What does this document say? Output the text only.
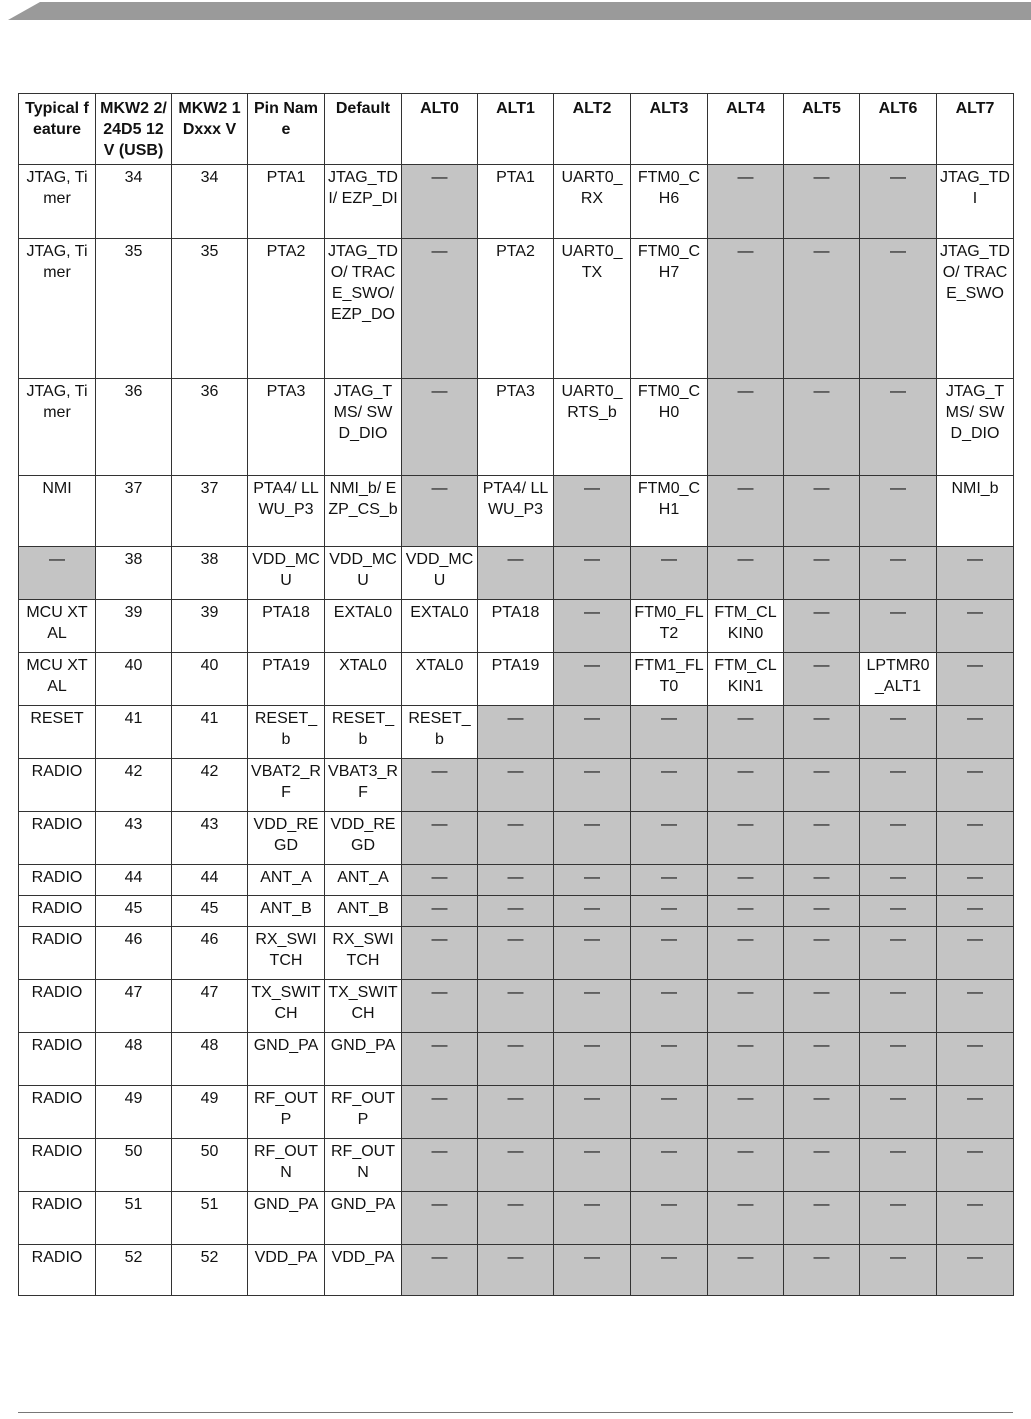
Typical feature	MKW2 2/24D5 12V (USB)	MKW2 1Dxxx V	Pin Name	Default	ALT0	ALT1	ALT2	ALT3	ALT4	ALT5	ALT6	ALT7
JTAG, Timer	34	34	PTA1	JTAG_TDI/ EZP_DI	—	PTA1	UART0_RX	FTM0_CH6	—	—	—	JTAG_TDI
JTAG, Timer	35	35	PTA2	JTAG_TDO/ TRACE_SWO/ EZP_DO	—	PTA2	UART0_TX	FTM0_CH7	—	—	—	JTAG_TDO/ TRACE_SWO
JTAG, Timer	36	36	PTA3	JTAG_TMS/ SWD_DIO	—	PTA3	UART0_RTS_b	FTM0_CH0	—	—	—	JTAG_TMS/ SWD_DIO
NMI	37	37	PTA4/ LLWU_P3	NMI_b/ EZP_CS_b	—	PTA4/ LLWU_P3	—	FTM0_CH1	—	—	—	NMI_b
—	38	38	VDD_MCU	VDD_MCU	VDD_MCU	—	—	—	—	—	—	—
MCU XTAL	39	39	PTA18	EXTAL0	EXTAL0	PTA18	—	FTM0_FLT2	FTM_CLKIN0	—	—	—
MCU XTAL	40	40	PTA19	XTAL0	XTAL0	PTA19	—	FTM1_FLT0	FTM_CLKIN1	—	LPTMR0_ALT1	—
RESET	41	41	RESET_b	RESET_b	RESET_b	—	—	—	—	—	—	—
RADIO	42	42	VBAT2_RF	VBAT3_RF	—	—	—	—	—	—	—	—
RADIO	43	43	VDD_REGD	VDD_REGD	—	—	—	—	—	—	—	—
RADIO	44	44	ANT_A	ANT_A	—	—	—	—	—	—	—	—
RADIO	45	45	ANT_B	ANT_B	—	—	—	—	—	—	—	—
RADIO	46	46	RX_SWITCH	RX_SWITCH	—	—	—	—	—	—	—	—
RADIO	47	47	TX_SWITCH	TX_SWITCH	—	—	—	—	—	—	—	—
RADIO	48	48	GND_PA	GND_PA	—	—	—	—	—	—	—	—
RADIO	49	49	RF_OUTP	RF_OUTP	—	—	—	—	—	—	—	—
RADIO	50	50	RF_OUTN	RF_OUTN	—	—	—	—	—	—	—	—
RADIO	51	51	GND_PA	GND_PA	—	—	—	—	—	—	—	—
RADIO	52	52	VDD_PA	VDD_PA	—	—	—	—	—	—	—	—
